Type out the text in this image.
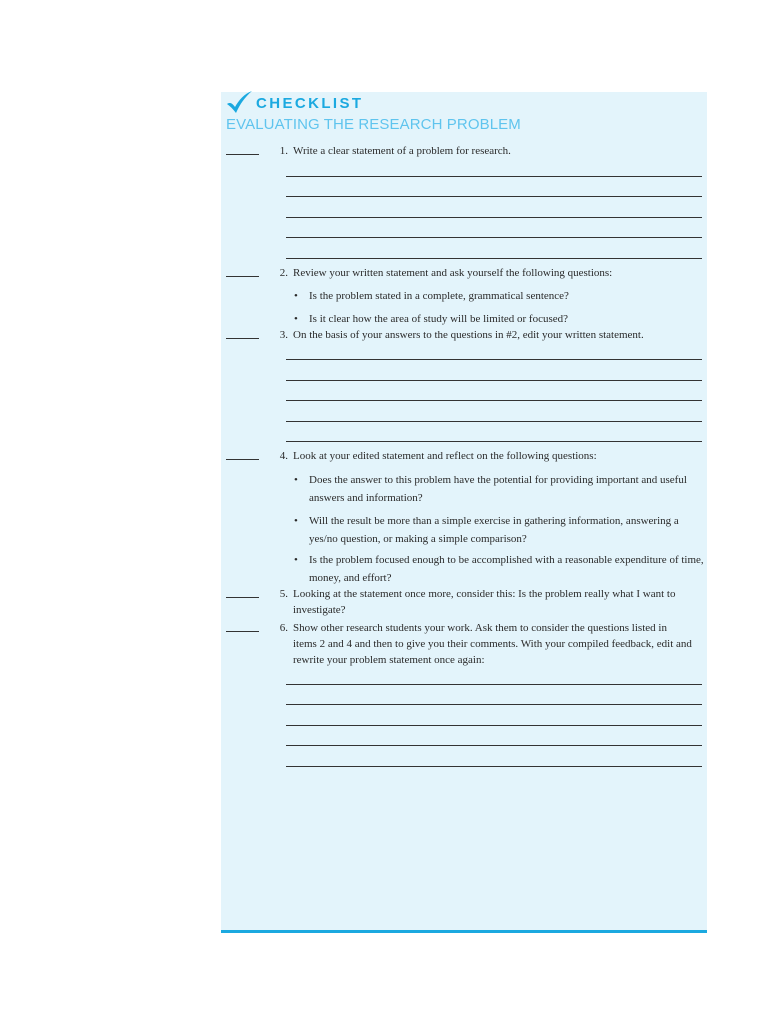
CHECKLIST
EVALUATING THE RESEARCH PROBLEM
1. Write a clear statement of a problem for research.
2. Review your written statement and ask yourself the following questions:
• Is the problem stated in a complete, grammatical sentence?
• Is it clear how the area of study will be limited or focused?
3. On the basis of your answers to the questions in #2, edit your written statement.
4. Look at your edited statement and reflect on the following questions:
• Does the answer to this problem have the potential for providing important and useful answers and information?
• Will the result be more than a simple exercise in gathering information, answering a yes/no question, or making a simple comparison?
• Is the problem focused enough to be accomplished with a reasonable expenditure of time, money, and effort?
5. Looking at the statement once more, consider this: Is the problem really what I want to investigate?
6. Show other research students your work. Ask them to consider the questions listed in items 2 and 4 and then to give you their comments. With your compiled feedback, edit and rewrite your problem statement once again:
